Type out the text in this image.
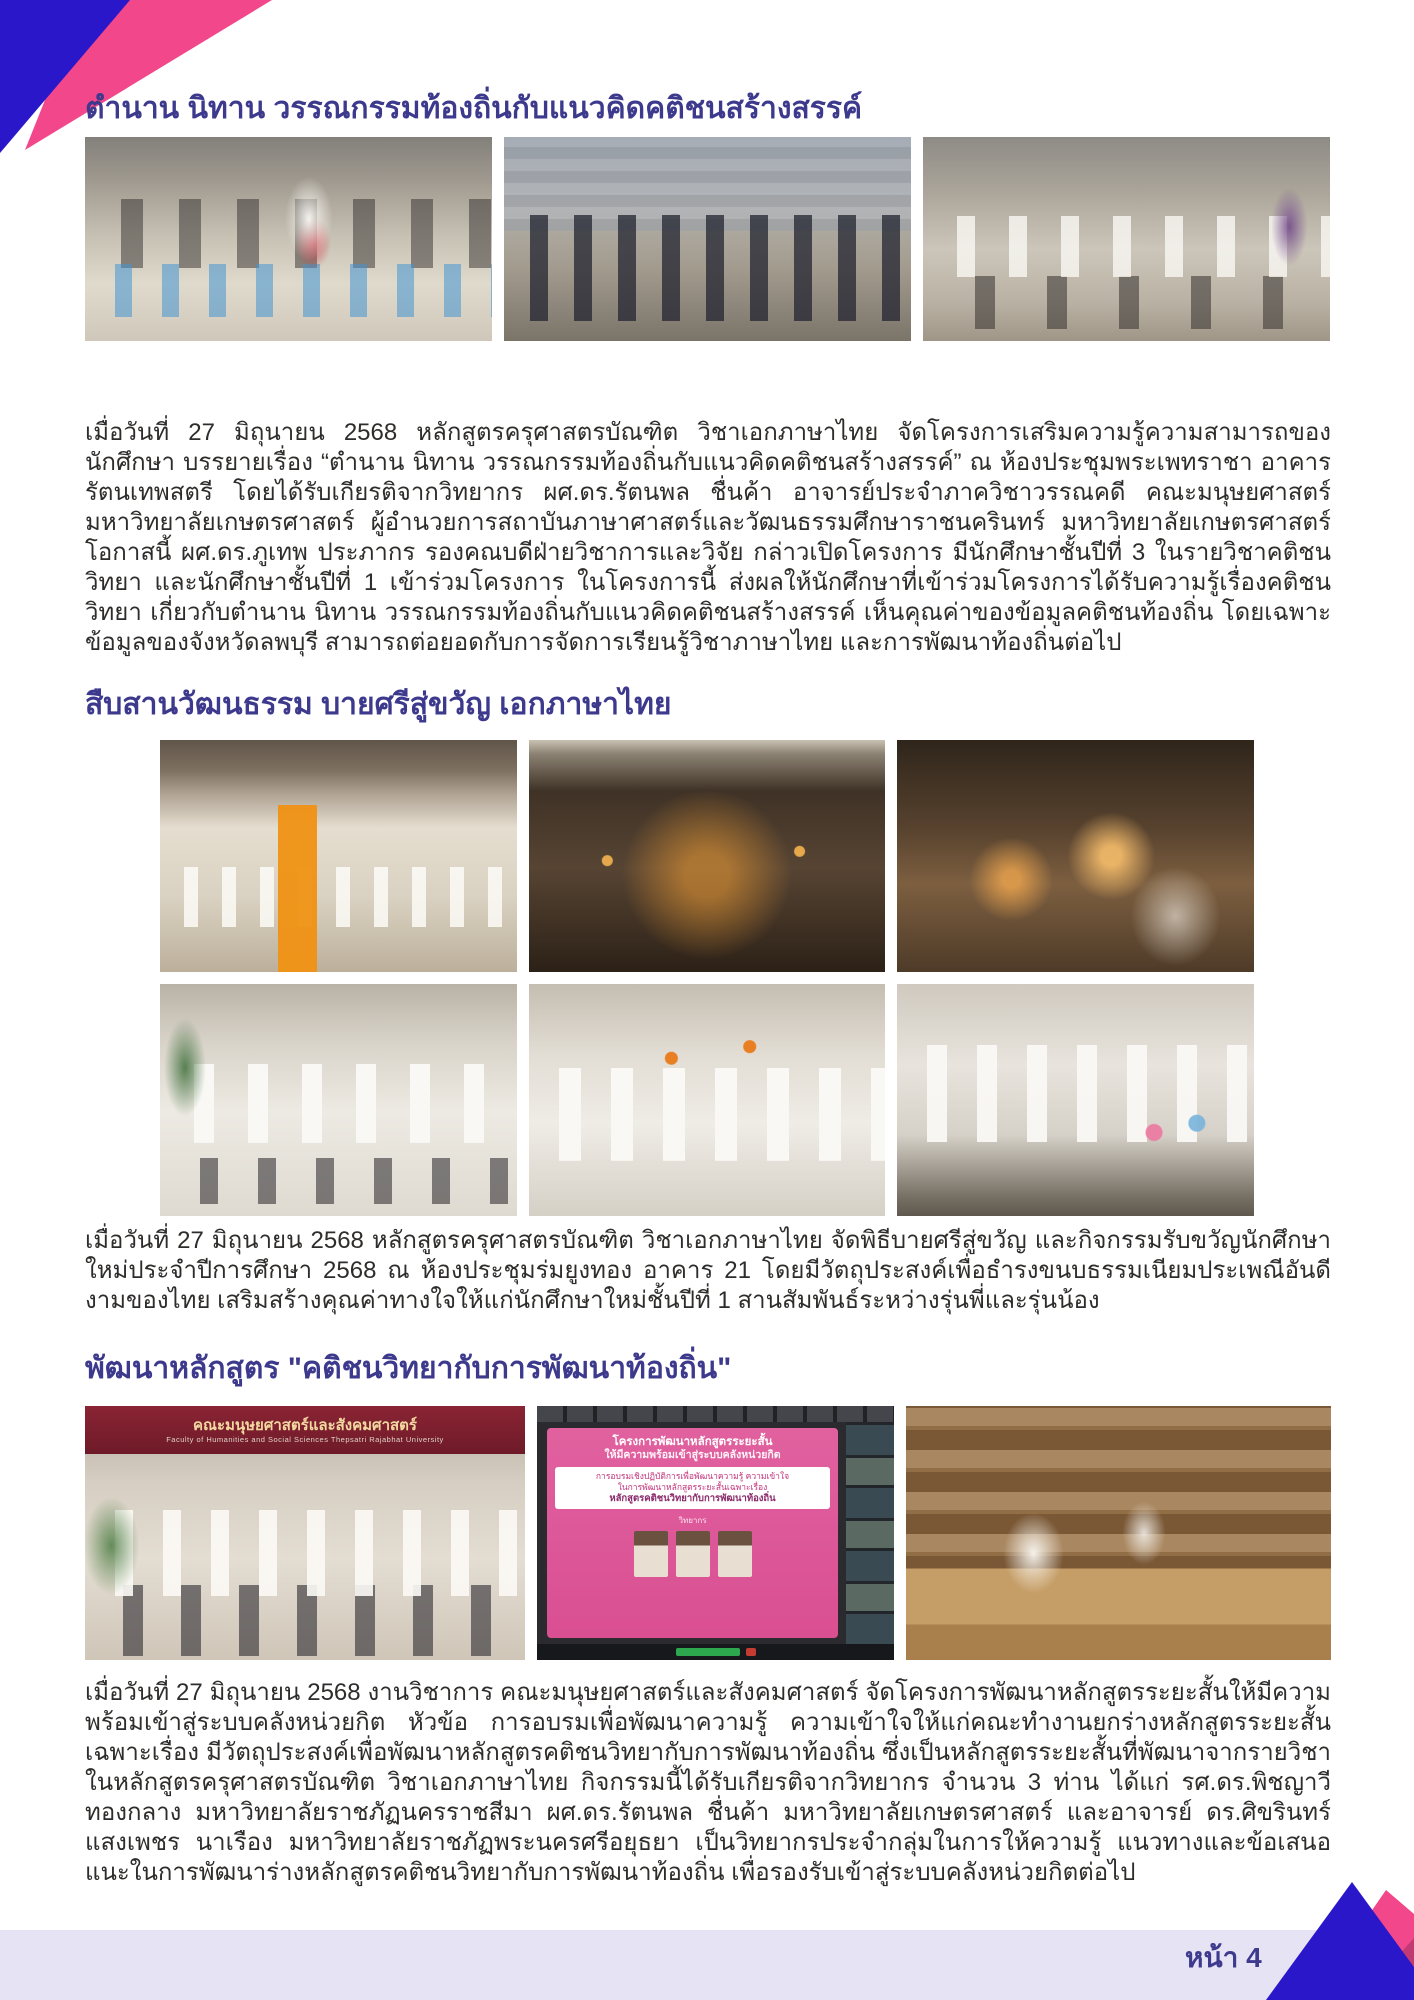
ตำนาน นิทาน วรรณกรรมท้องถิ่นกับแนวคิดคติชนสร้างสรรค์

เมื่อวันที่ 27 มิถุนายน 2568 หลักสูตรครุศาสตรบัณฑิต วิชาเอกภาษาไทย จัดโครงการเสริมความรู้ความสามารถของนักศึกษา บรรยายเรื่อง “ตำนาน นิทาน วรรณกรรมท้องถิ่นกับแนวคิดคติชนสร้างสรรค์” ณ ห้องประชุมพระเพทราชา อาคารรัตนเทพสตรี โดยได้รับเกียรติจากวิทยากร ผศ.ดร.รัตนพล ชื่นค้า อาจารย์ประจำภาควิชาวรรณคดี คณะมนุษยศาสตร์ มหาวิทยาลัยเกษตรศาสตร์ ผู้อำนวยการสถาบันภาษาศาสตร์และวัฒนธรรมศึกษาราชนครินทร์ มหาวิทยาลัยเกษตรศาสตร์ โอกาสนี้ ผศ.ดร.ภูเทพ ประภากร รองคณบดีฝ่ายวิชาการและวิจัย กล่าวเปิดโครงการ มีนักศึกษาชั้นปีที่ 3 ในรายวิชาคติชนวิทยา และนักศึกษาชั้นปีที่ 1 เข้าร่วมโครงการ ในโครงการนี้ ส่งผลให้นักศึกษาที่เข้าร่วมโครงการได้รับความรู้เรื่องคติชนวิทยา เกี่ยวกับตำนาน นิทาน วรรณกรรมท้องถิ่นกับแนวคิดคติชนสร้างสรรค์ เห็นคุณค่าของข้อมูลคติชนท้องถิ่น โดยเฉพาะข้อมูลของจังหวัดลพบุรี สามารถต่อยอดกับการจัดการเรียนรู้วิชาภาษาไทย และการพัฒนาท้องถิ่นต่อไป

สืบสานวัฒนธรรม บายศรีสู่ขวัญ เอกภาษาไทย

เมื่อวันที่ 27 มิถุนายน 2568 หลักสูตรครุศาสตรบัณฑิต วิชาเอกภาษาไทย จัดพิธีบายศรีสู่ขวัญ และกิจกรรมรับขวัญนักศึกษาใหม่ประจำปีการศึกษา 2568 ณ ห้องประชุมร่มยูงทอง อาคาร 21 โดยมีวัตถุประสงค์เพื่อธำรงขนบธรรมเนียมประเพณีอันดีงามของไทย เสริมสร้างคุณค่าทางใจให้แก่นักศึกษาใหม่ชั้นปีที่ 1 สานสัมพันธ์ระหว่างรุ่นพี่และรุ่นน้อง

พัฒนาหลักสูตร "คติชนวิทยากับการพัฒนาท้องถิ่น"
คณะมนุษยศาสตร์และสังคมศาสตร์
Faculty of Humanities and Social Sciences Thepsatri Rajabhat University	โครงการพัฒนาหลักสูตรระยะสั้น
ให้มีความพร้อมเข้าสู่ระบบคลังหน่วยกิต
การอบรมเชิงปฏิบัติการเพื่อพัฒนาความรู้ ความเข้าใจ
ในการพัฒนาหลักสูตรระยะสั้นเฉพาะเรื่อง
หลักสูตรคติชนวิทยากับการพัฒนาท้องถิ่น
วิทยากร

เมื่อวันที่ 27 มิถุนายน 2568 งานวิชาการ คณะมนุษยศาสตร์และสังคมศาสตร์ จัดโครงการพัฒนาหลักสูตรระยะสั้นให้มีความพร้อมเข้าสู่ระบบคลังหน่วยกิต หัวข้อ การอบรมเพื่อพัฒนาความรู้ ความเข้าใจให้แก่คณะทำงานยกร่างหลักสูตรระยะสั้นเฉพาะเรื่อง มีวัตถุประสงค์เพื่อพัฒนาหลักสูตรคติชนวิทยากับการพัฒนาท้องถิ่น ซึ่งเป็นหลักสูตรระยะสั้นที่พัฒนาจากรายวิชาในหลักสูตรครุศาสตรบัณฑิต วิชาเอกภาษาไทย กิจกรรมนี้ได้รับเกียรติจากวิทยากร จำนวน 3 ท่าน ได้แก่ รศ.ดร.พิชญาวี ทองกลาง มหาวิทยาลัยราชภัฏนครราชสีมา ผศ.ดร.รัตนพล ชื่นค้า มหาวิทยาลัยเกษตรศาสตร์ และอาจารย์ ดร.ศิขรินทร์ แสงเพชร นาเรือง มหาวิทยาลัยราชภัฏพระนครศรีอยุธยา เป็นวิทยากรประจำกลุ่มในการให้ความรู้ แนวทางและข้อเสนอแนะในการพัฒนาร่างหลักสูตรคติชนวิทยากับการพัฒนาท้องถิ่น เพื่อรองรับเข้าสู่ระบบคลังหน่วยกิตต่อไป

หน้า 4
